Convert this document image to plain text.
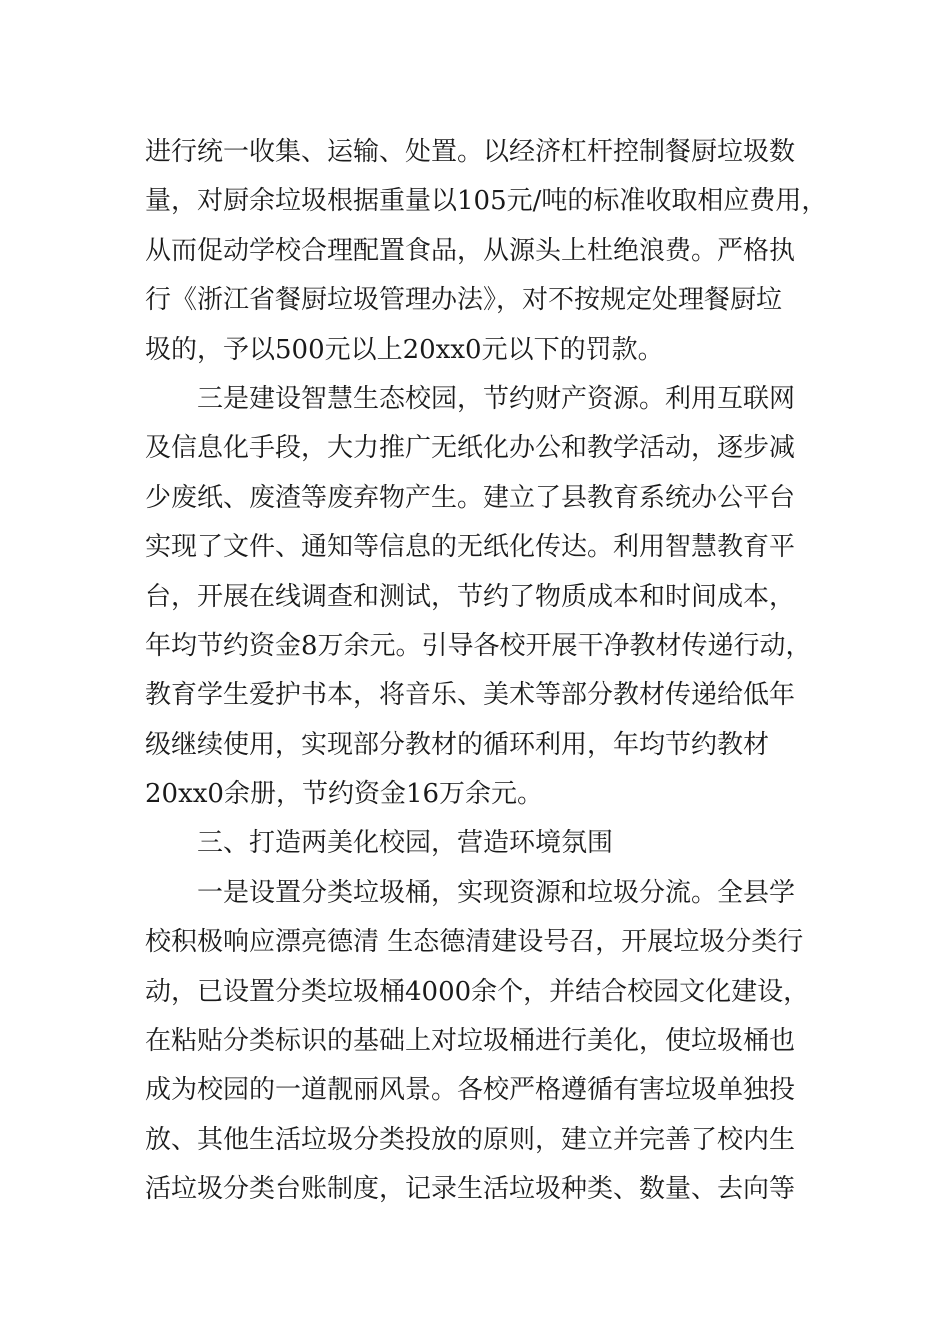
进行统一收集、运输、处置。以经济杠杆控制餐厨垃圾数
量，对厨余垃圾根据重量以105元/吨的标准收取相应费用，
从而促动学校合理配置食品，从源头上杜绝浪费。严格执
行《浙江省餐厨垃圾管理办法》，对不按规定处理餐厨垃
圾的，予以500元以上20xx0元以下的罚款。
三是建设智慧生态校园，节约财产资源。利用互联网
及信息化手段，大力推广无纸化办公和教学活动，逐步减
少废纸、废渣等废弃物产生。建立了县教育系统办公平台
实现了文件、通知等信息的无纸化传达。利用智慧教育平
台，开展在线调查和测试，节约了物质成本和时间成本，
年均节约资金8万余元。引导各校开展干净教材传递行动，
教育学生爱护书本，将音乐、美术等部分教材传递给低年
级继续使用，实现部分教材的循环利用，年均节约教材
20xx0余册，节约资金16万余元。
三、打造两美化校园，营造环境氛围
一是设置分类垃圾桶，实现资源和垃圾分流。全县学
校积极响应漂亮德清 生态德清建设号召，开展垃圾分类行
动，已设置分类垃圾桶4000余个，并结合校园文化建设，
在粘贴分类标识的基础上对垃圾桶进行美化，使垃圾桶也
成为校园的一道靓丽风景。各校严格遵循有害垃圾单独投
放、其他生活垃圾分类投放的原则，建立并完善了校内生
活垃圾分类台账制度，记录生活垃圾种类、数量、去向等
